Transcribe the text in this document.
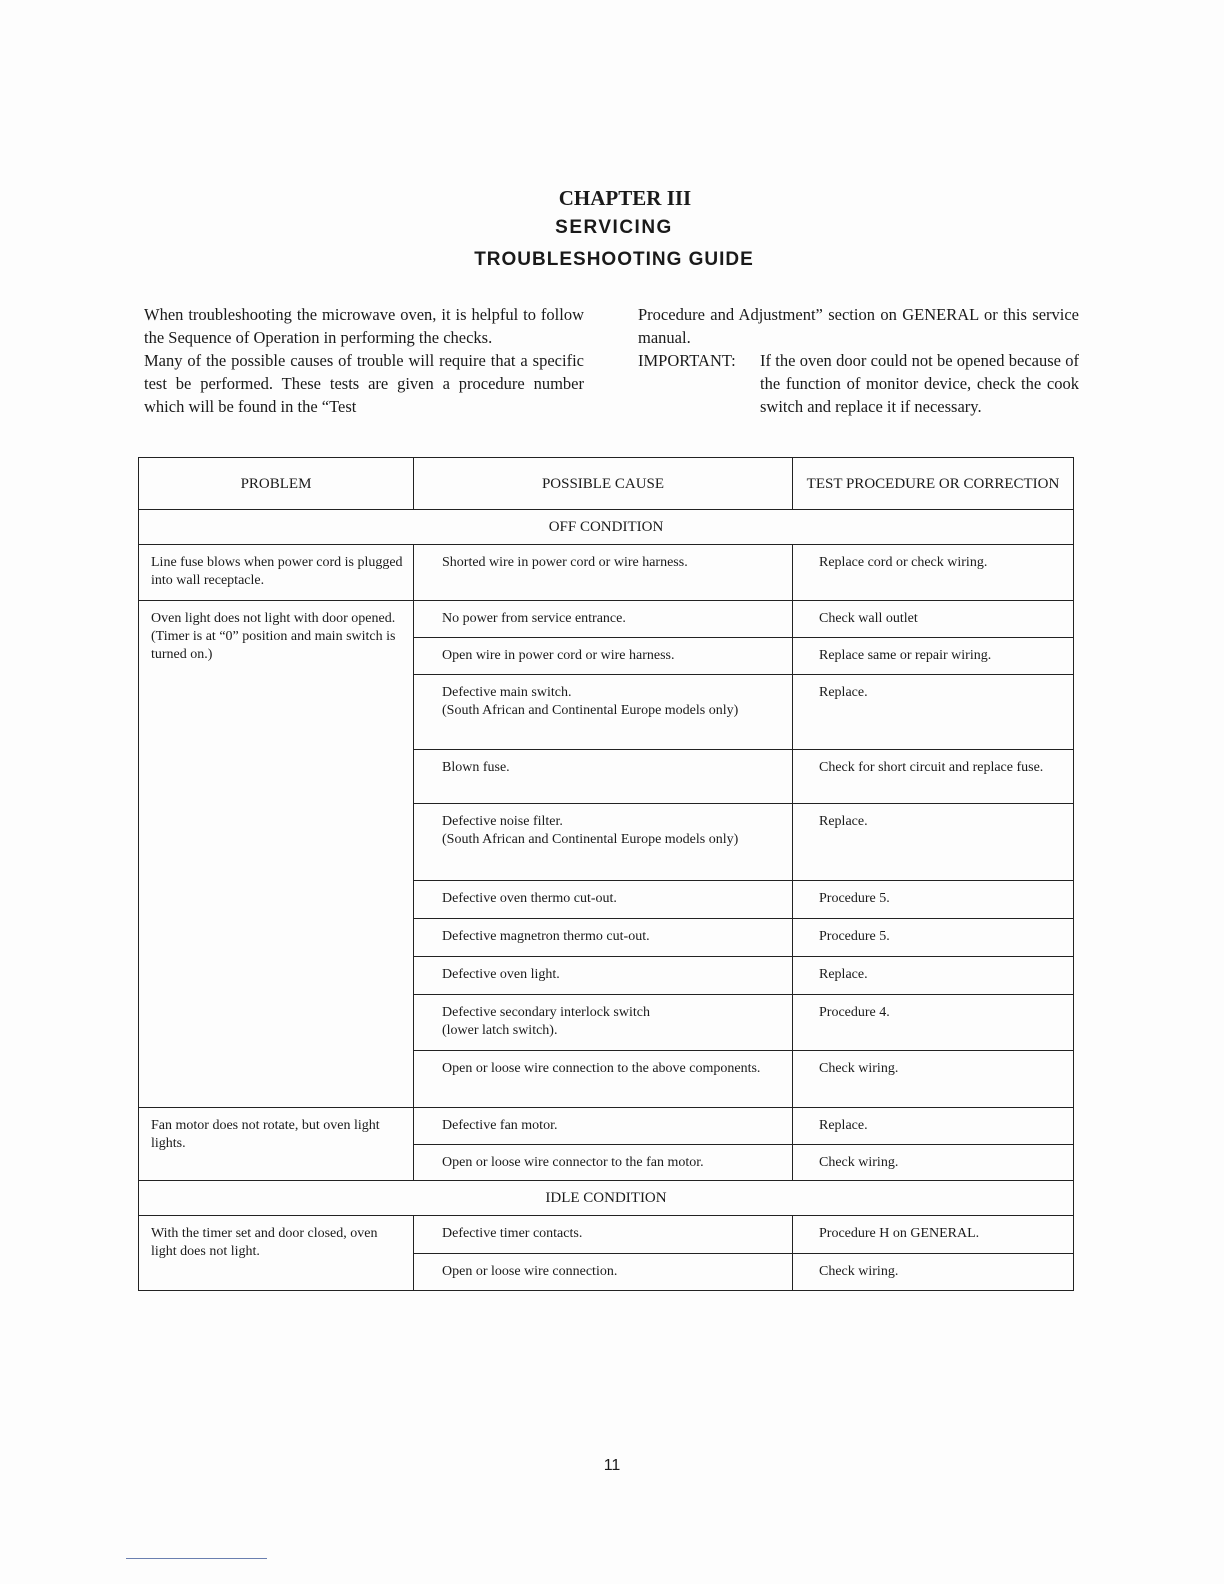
CHAPTER III
SERVICING
TROUBLESHOOTING GUIDE

When troubleshooting the microwave oven, it is helpful to follow the Sequence of Operation in performing the checks.

Many of the possible causes of trouble will require that a specific test be performed. These tests are given a procedure number which will be found in the “Test

Procedure and Adjustment” section on GENERAL or this service manual.

IMPORTANT:	If the oven door could not be opened because of the function of monitor device, check the cook switch and replace it if necessary.
PROBLEM	POSSIBLE CAUSE	TEST PROCEDURE OR CORRECTION
OFF CONDITION		
Line fuse blows when power cord is plugged into wall receptacle.	Shorted wire in power cord or wire harness.	Replace cord or check wiring.

Oven light does not light with door opened.
(Timer is at “0” position and main switch is turned on.)	No power from service entrance.	Check wall outlet
	Open wire in power cord or wire harness.	Replace same or repair wiring.

	Defective main switch.
(South African and Continental Europe models only)	Replace.
	Blown fuse.	Check for short circuit and replace fuse.

	Defective noise filter.
(South African and Continental Europe models only)	Replace.
	Defective oven thermo cut-out.	Procedure 5.
	Defective magnetron thermo cut-out.	Procedure 5.
	Defective oven light.	Replace.

	Defective secondary interlock switch
(lower latch switch).	Procedure 4.
	Open or loose wire connection to the above components.	Check wiring.
Fan motor does not rotate, but oven light lights.	Defective fan motor.	Replace.
	Open or loose wire connector to the fan motor.	Check wiring.
IDLE CONDITION		
With the timer set and door closed, oven light does not light.	Defective timer contacts.	Procedure H on GENERAL.
	Open or loose wire connection.	Check wiring.
11
